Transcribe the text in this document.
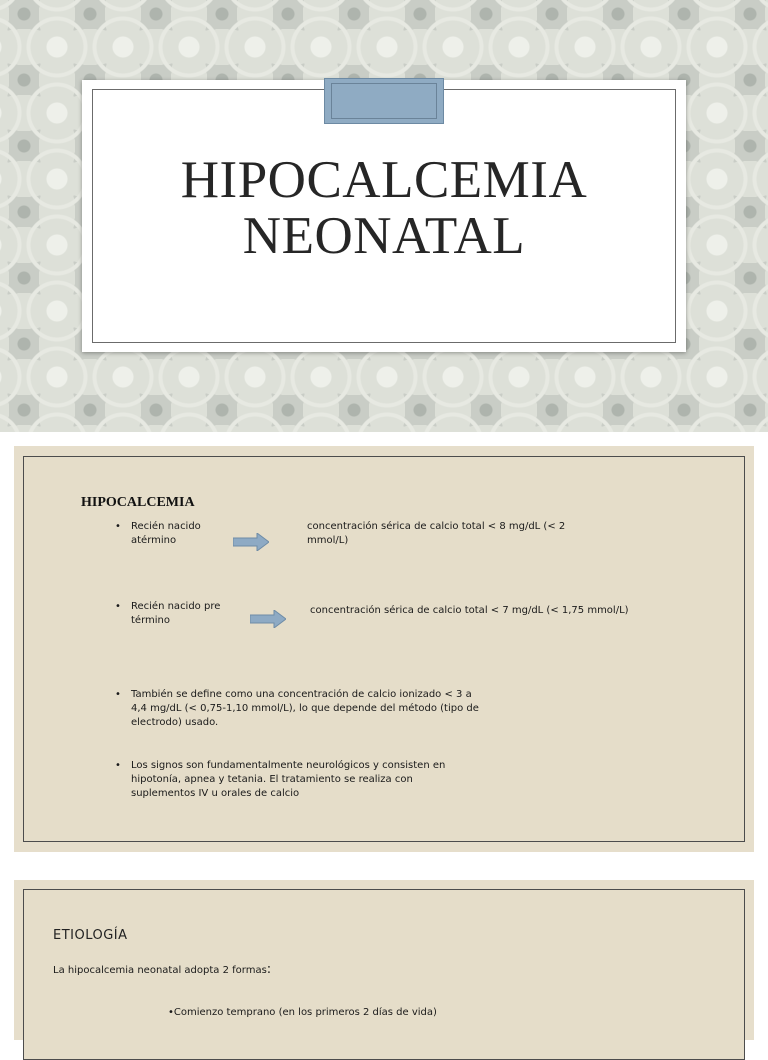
HIPOCALCEMIA
NEONATAL
HIPOCALCEMIA
• Recién nacido
atérmino
concentración sérica de calcio total < 8 mg/dL (< 2
mmol/L)
• Recién nacido pre
término
concentración sérica de calcio total < 7 mg/dL (< 1,75 mmol/L)
• También se define como una concentración de calcio ionizado < 3 a
4,4 mg/dL (< 0,75-1,10 mmol/L), lo que depende del método (tipo de
electrodo) usado.
• Los signos son fundamentalmente neurológicos y consisten en
hipotonía, apnea y tetania. El tratamiento se realiza con
suplementos IV u orales de calcio
ETIOLOGÍA
La hipocalcemia neonatal adopta 2 formas:
•Comienzo temprano (en los primeros 2 días de vida)
